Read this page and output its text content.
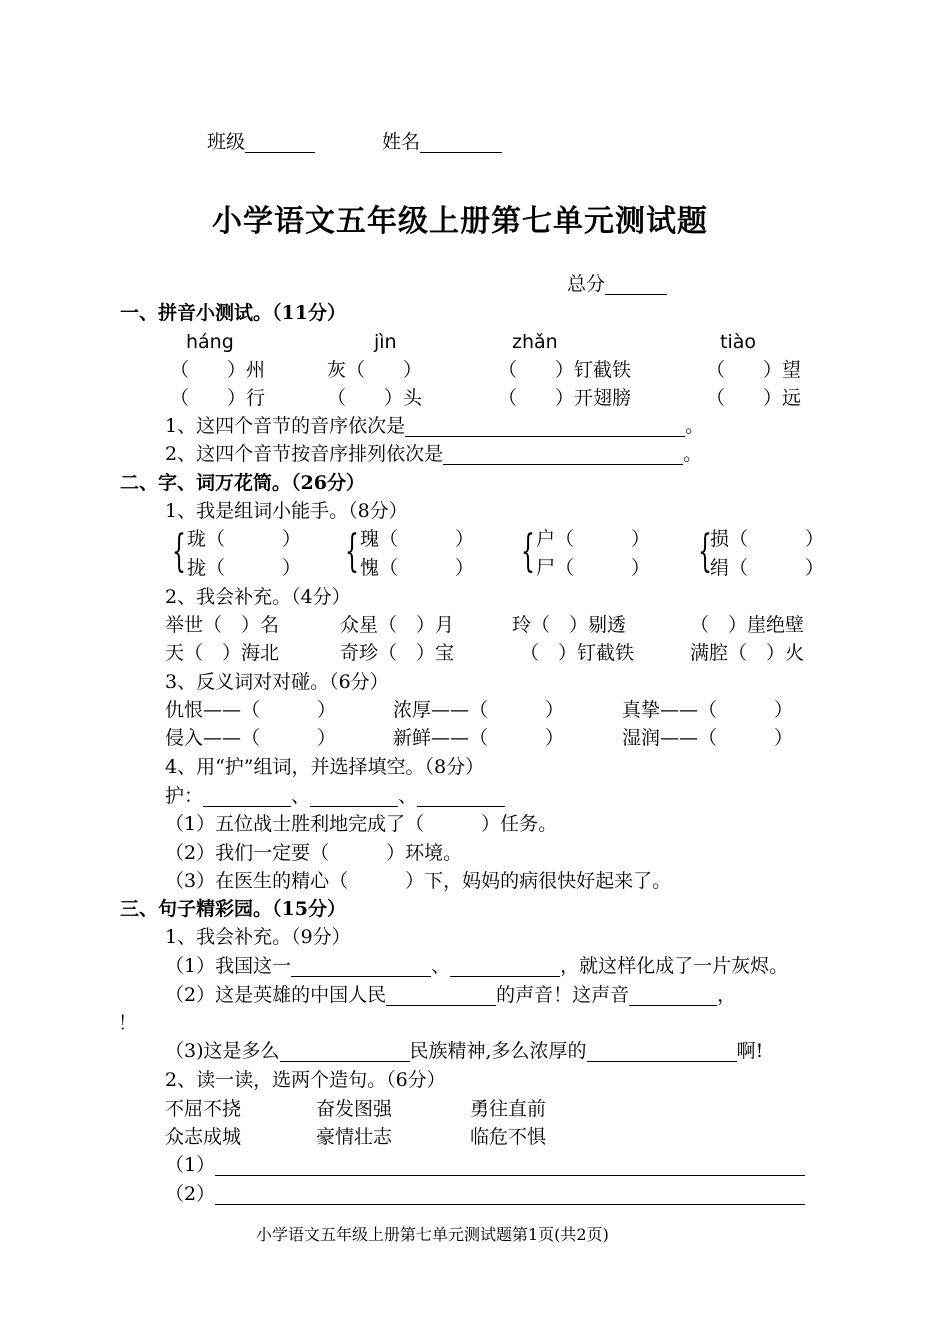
班级	姓名
小学语文五年级上册第七单元测试题
总分
一、拼音小测试。（11分）
háng	jìn	zhǎn	tiào
（　　）州	灰（　　）	（　　）钉截铁	（　　）望
（　　）行	（　　）头	（　　）开翅膀	（　　）远
1、这四个音节的音序依次是	。
2、这四个音节按音序排列依次是	。
二、字、词万花筒。（26分）
1、我是组词小能手。（8分）
{	{	{	{
珑（　　　）	瑰（　　　）	户（　　　）	损（　　　）
拢（　　　）	愧（　　　）	尸（　　　）	绢（　　　）
2、我会补充。（4分）
举世（　）名	众星（　）月	玲（　）剔透	（　）崖绝壁
天（　）海北	奇珍（　）宝	（　）钉截铁	满腔（　）火
3、反义词对对碰。（6分）
仇恨——（　　　）	浓厚——（　　　）	真挚——（　　　）
侵入——（　　　）	新鲜——（　　　）	湿润——（　　　）
4、用“护”组词，并选择填空。（8分）
护：	、	、
（1）五位战士胜利地完成了（　　　）任务。
（2）我们一定要（　　　）环境。
（3）在医生的精心（　　　）下，妈妈的病很快好起来了。
三、句子精彩园。（15分）
1、我会补充。（9分）
（1）我国这一	、	，就这样化成了一片灰烬。
（2）这是英雄的中国人民	的声音！这声音	，
！
（3)这是多么	民族精神,多么浓厚的	啊!
2、读一读，选两个造句。（6分）
不屈不挠	奋发图强	勇往直前
众志成城	豪情壮志	临危不惧
（1）
（2）
小学语文五年级上册第七单元测试题第1页(共2页)
